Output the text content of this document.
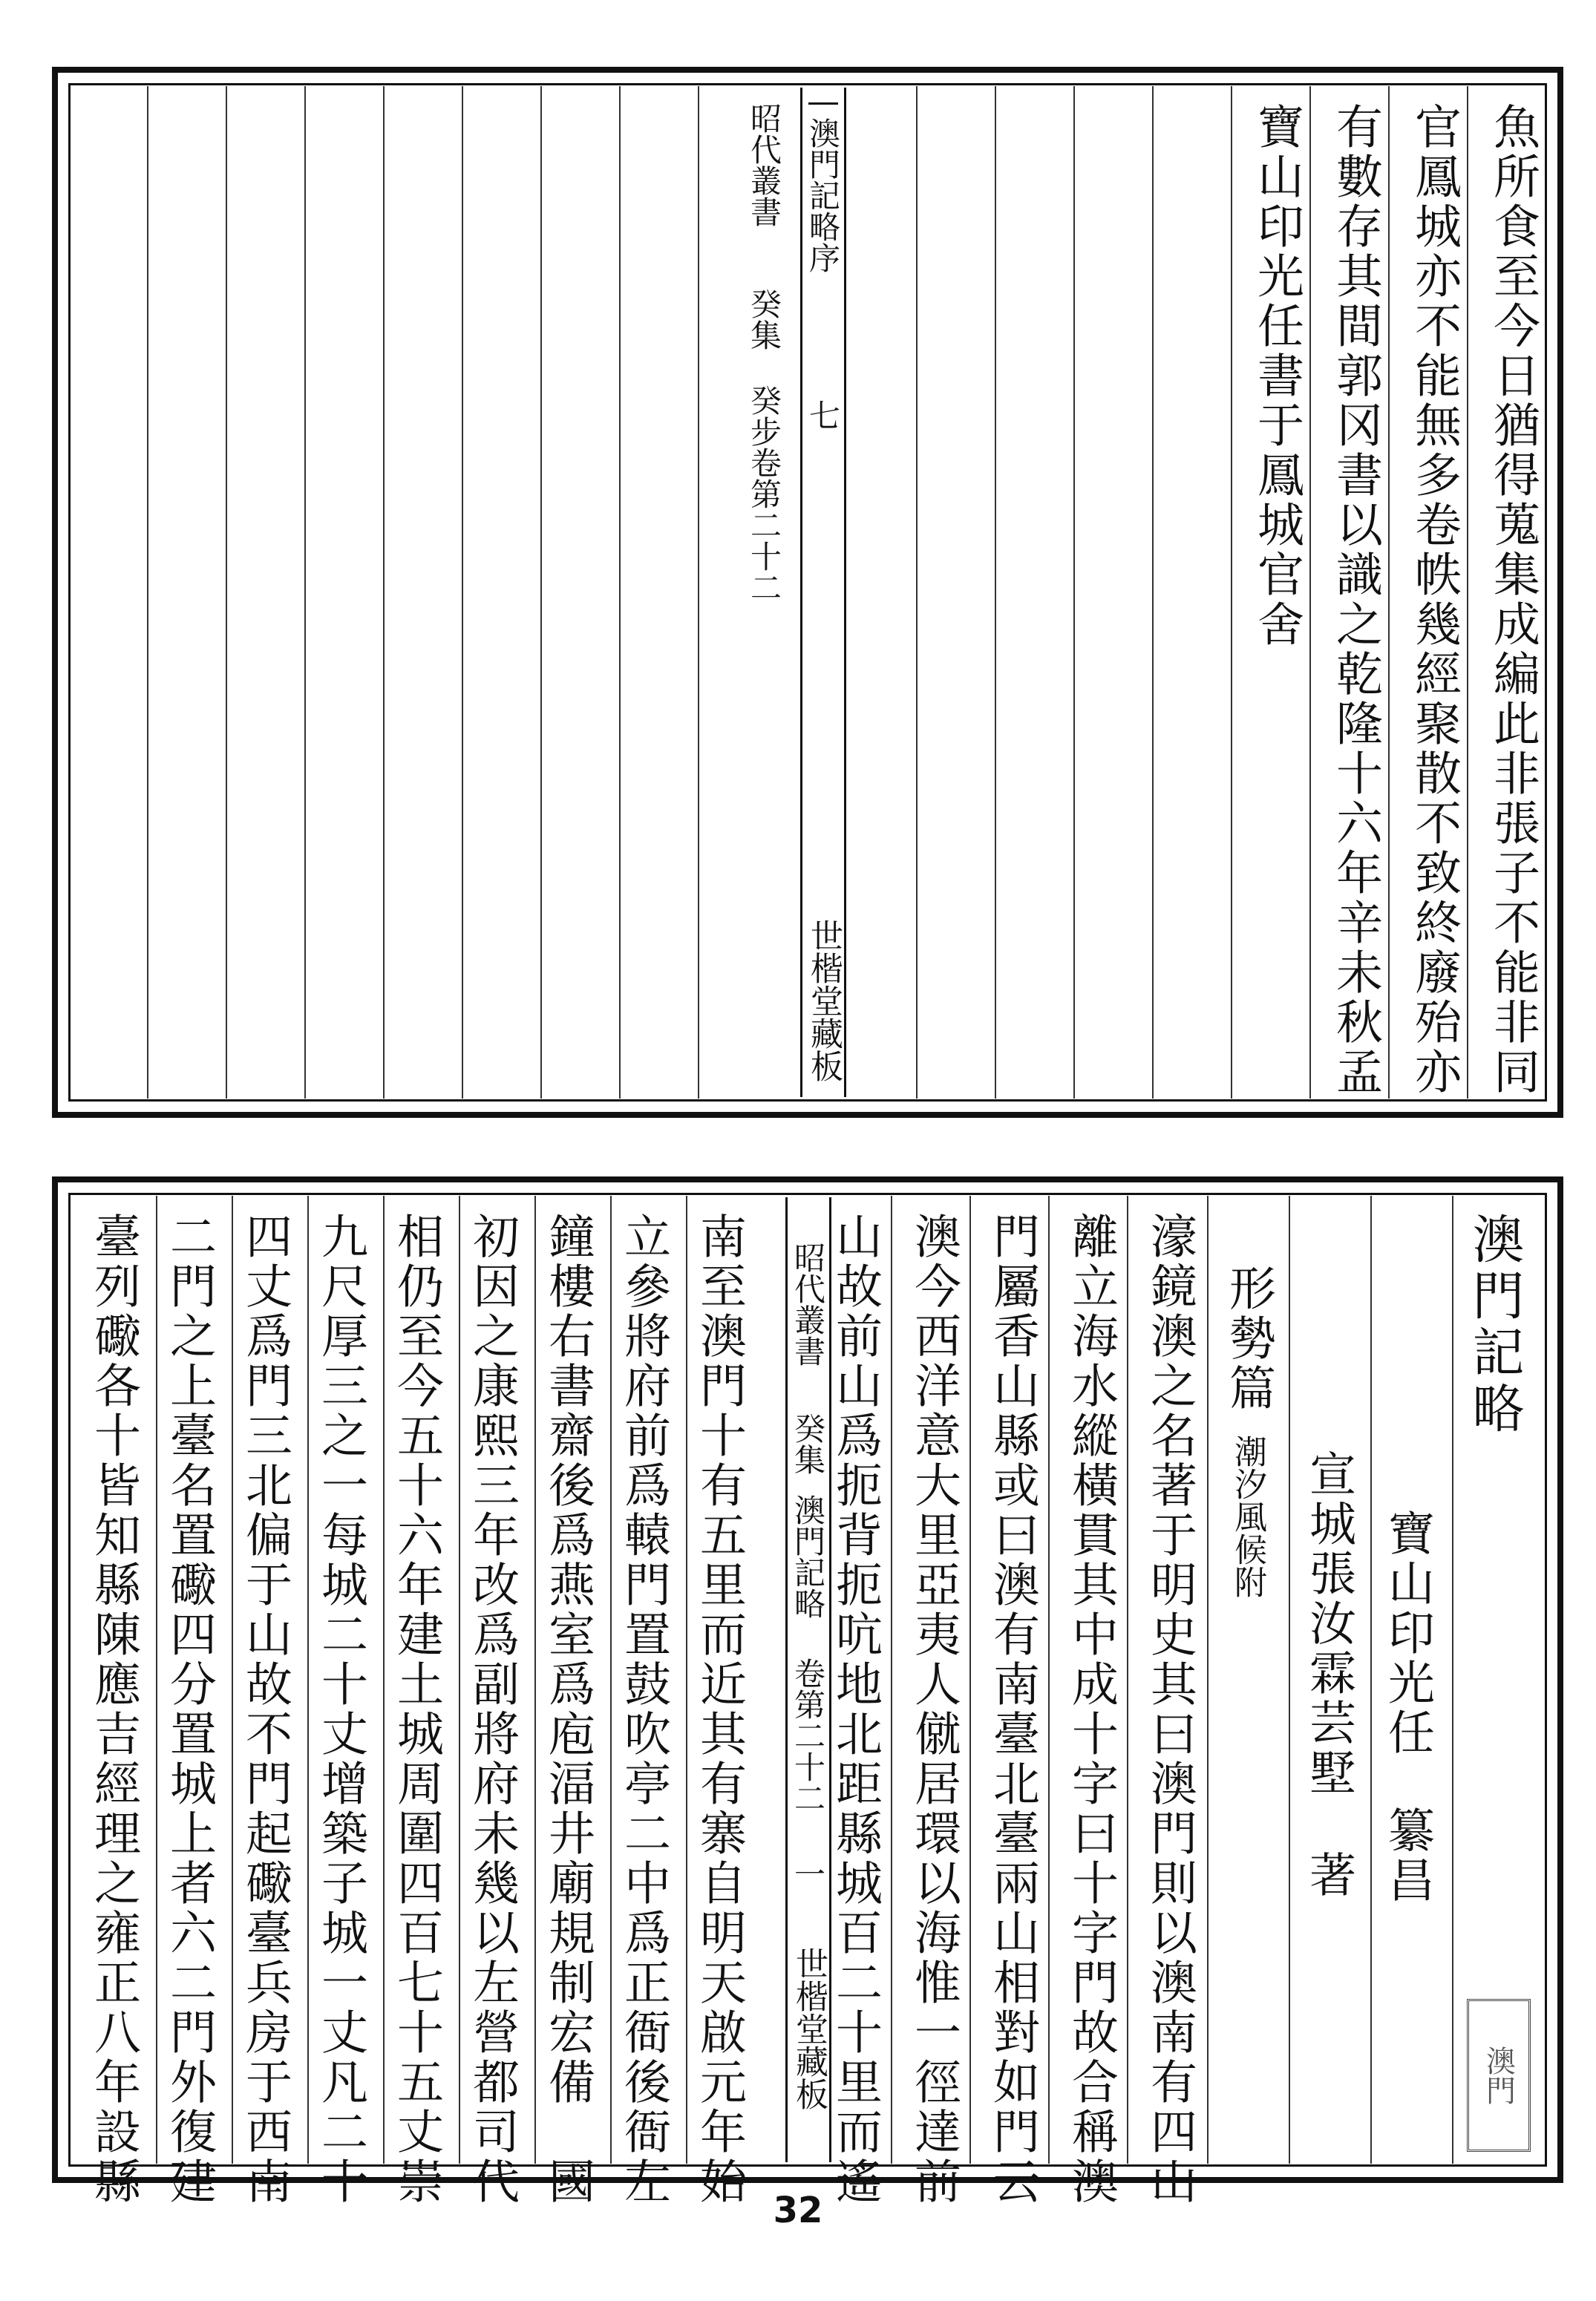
魚所食至今日猶得蒐集成編此非張子不能非同
官鳳城亦不能無多卷帙幾經聚散不致終廢殆亦
有數存其間郭冈書以識之乾隆十六年辛未秋孟
寶山印光任書于鳳城官舍
澳門記略序
七
世楷堂藏板
昭代叢書
癸集
癸步卷第二十二
澳門記略
澳門
寶山印光任
纂昌
宣城張汝霖芸墅
著
形勢篇
潮汐風候附
濠鏡澳之名著于明史其曰澳門則以澳南有四山
離立海水縱橫貫其中成十字曰十字門故合稱澳
門屬香山縣或曰澳有南臺北臺兩山相對如門云
澳今西洋意大里亞夷人僦居環以海惟一徑達前
山故前山爲扼背扼吭地北距縣城百二十里而遙
昭代叢書
癸集
澳門記略
卷第二十二
一
世楷堂藏板
南至澳門十有五里而近其有寨自明天啟元年始
立參將府前爲轅門置鼓吹亭二中爲正衙後衙左
鐘樓右書齋後爲燕室爲庖湢井廟規制宏備　國
初因之康熙三年改爲副將府未幾以左營都司代
相仍至今五十六年建土城周圍四百七十五丈崇
九尺厚三之一每城二十丈增築子城一丈凡二十
四丈爲門三北偏于山故不門起礮臺兵房于西南
二門之上臺名置礮四分置城上者六二門外復建
臺列礮各十皆知縣陳應吉經理之雍正八年設縣
32
